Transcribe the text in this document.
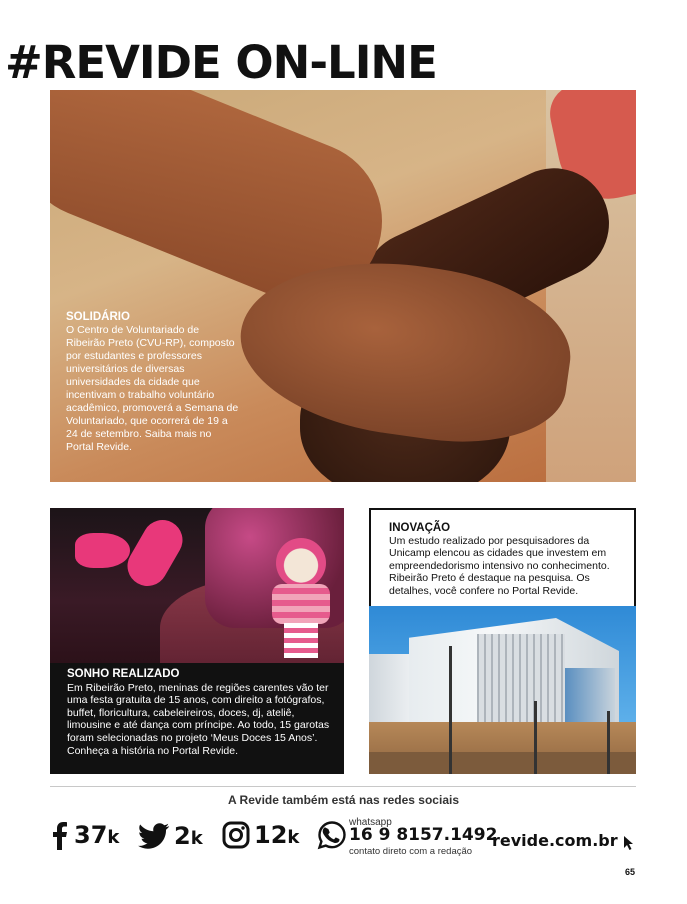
#REVIDE ON-LINE
SOLIDÁRIO
O Centro de Voluntariado de Ribeirão Preto (CVU-RP), composto por estudantes e professores universitários de diversas universidades da cidade que incentivam o trabalho voluntário acadêmico, promoverá a Semana de Voluntariado, que ocorrerá de 19 a 24 de setembro. Saiba mais no Portal Revide.
SONHO REALIZADO
Em Ribeirão Preto, meninas de regiões carentes vão ter uma festa gratuita de 15 anos, com direito a fotógrafos, buffet, floricultura, cabeleireiros, doces, dj, ateliê, limousine e até dança com príncipe. Ao todo, 15 garotas foram selecionadas no projeto ‘Meus Doces 15 Anos’. Conheça a história no Portal Revide.
INOVAÇÃO
Um estudo realizado por pesquisadores da Unicamp elencou as cidades que investem em empreendedorismo intensivo no conhecimento. Ribeirão Preto é destaque na pesquisa. Os detalhes, você confere no Portal Revide.
A Revide também está nas redes sociais
37k 2k 12k
whatsapp
16 9 8157.1492
contato direto com a redação
revide.com.br
65
